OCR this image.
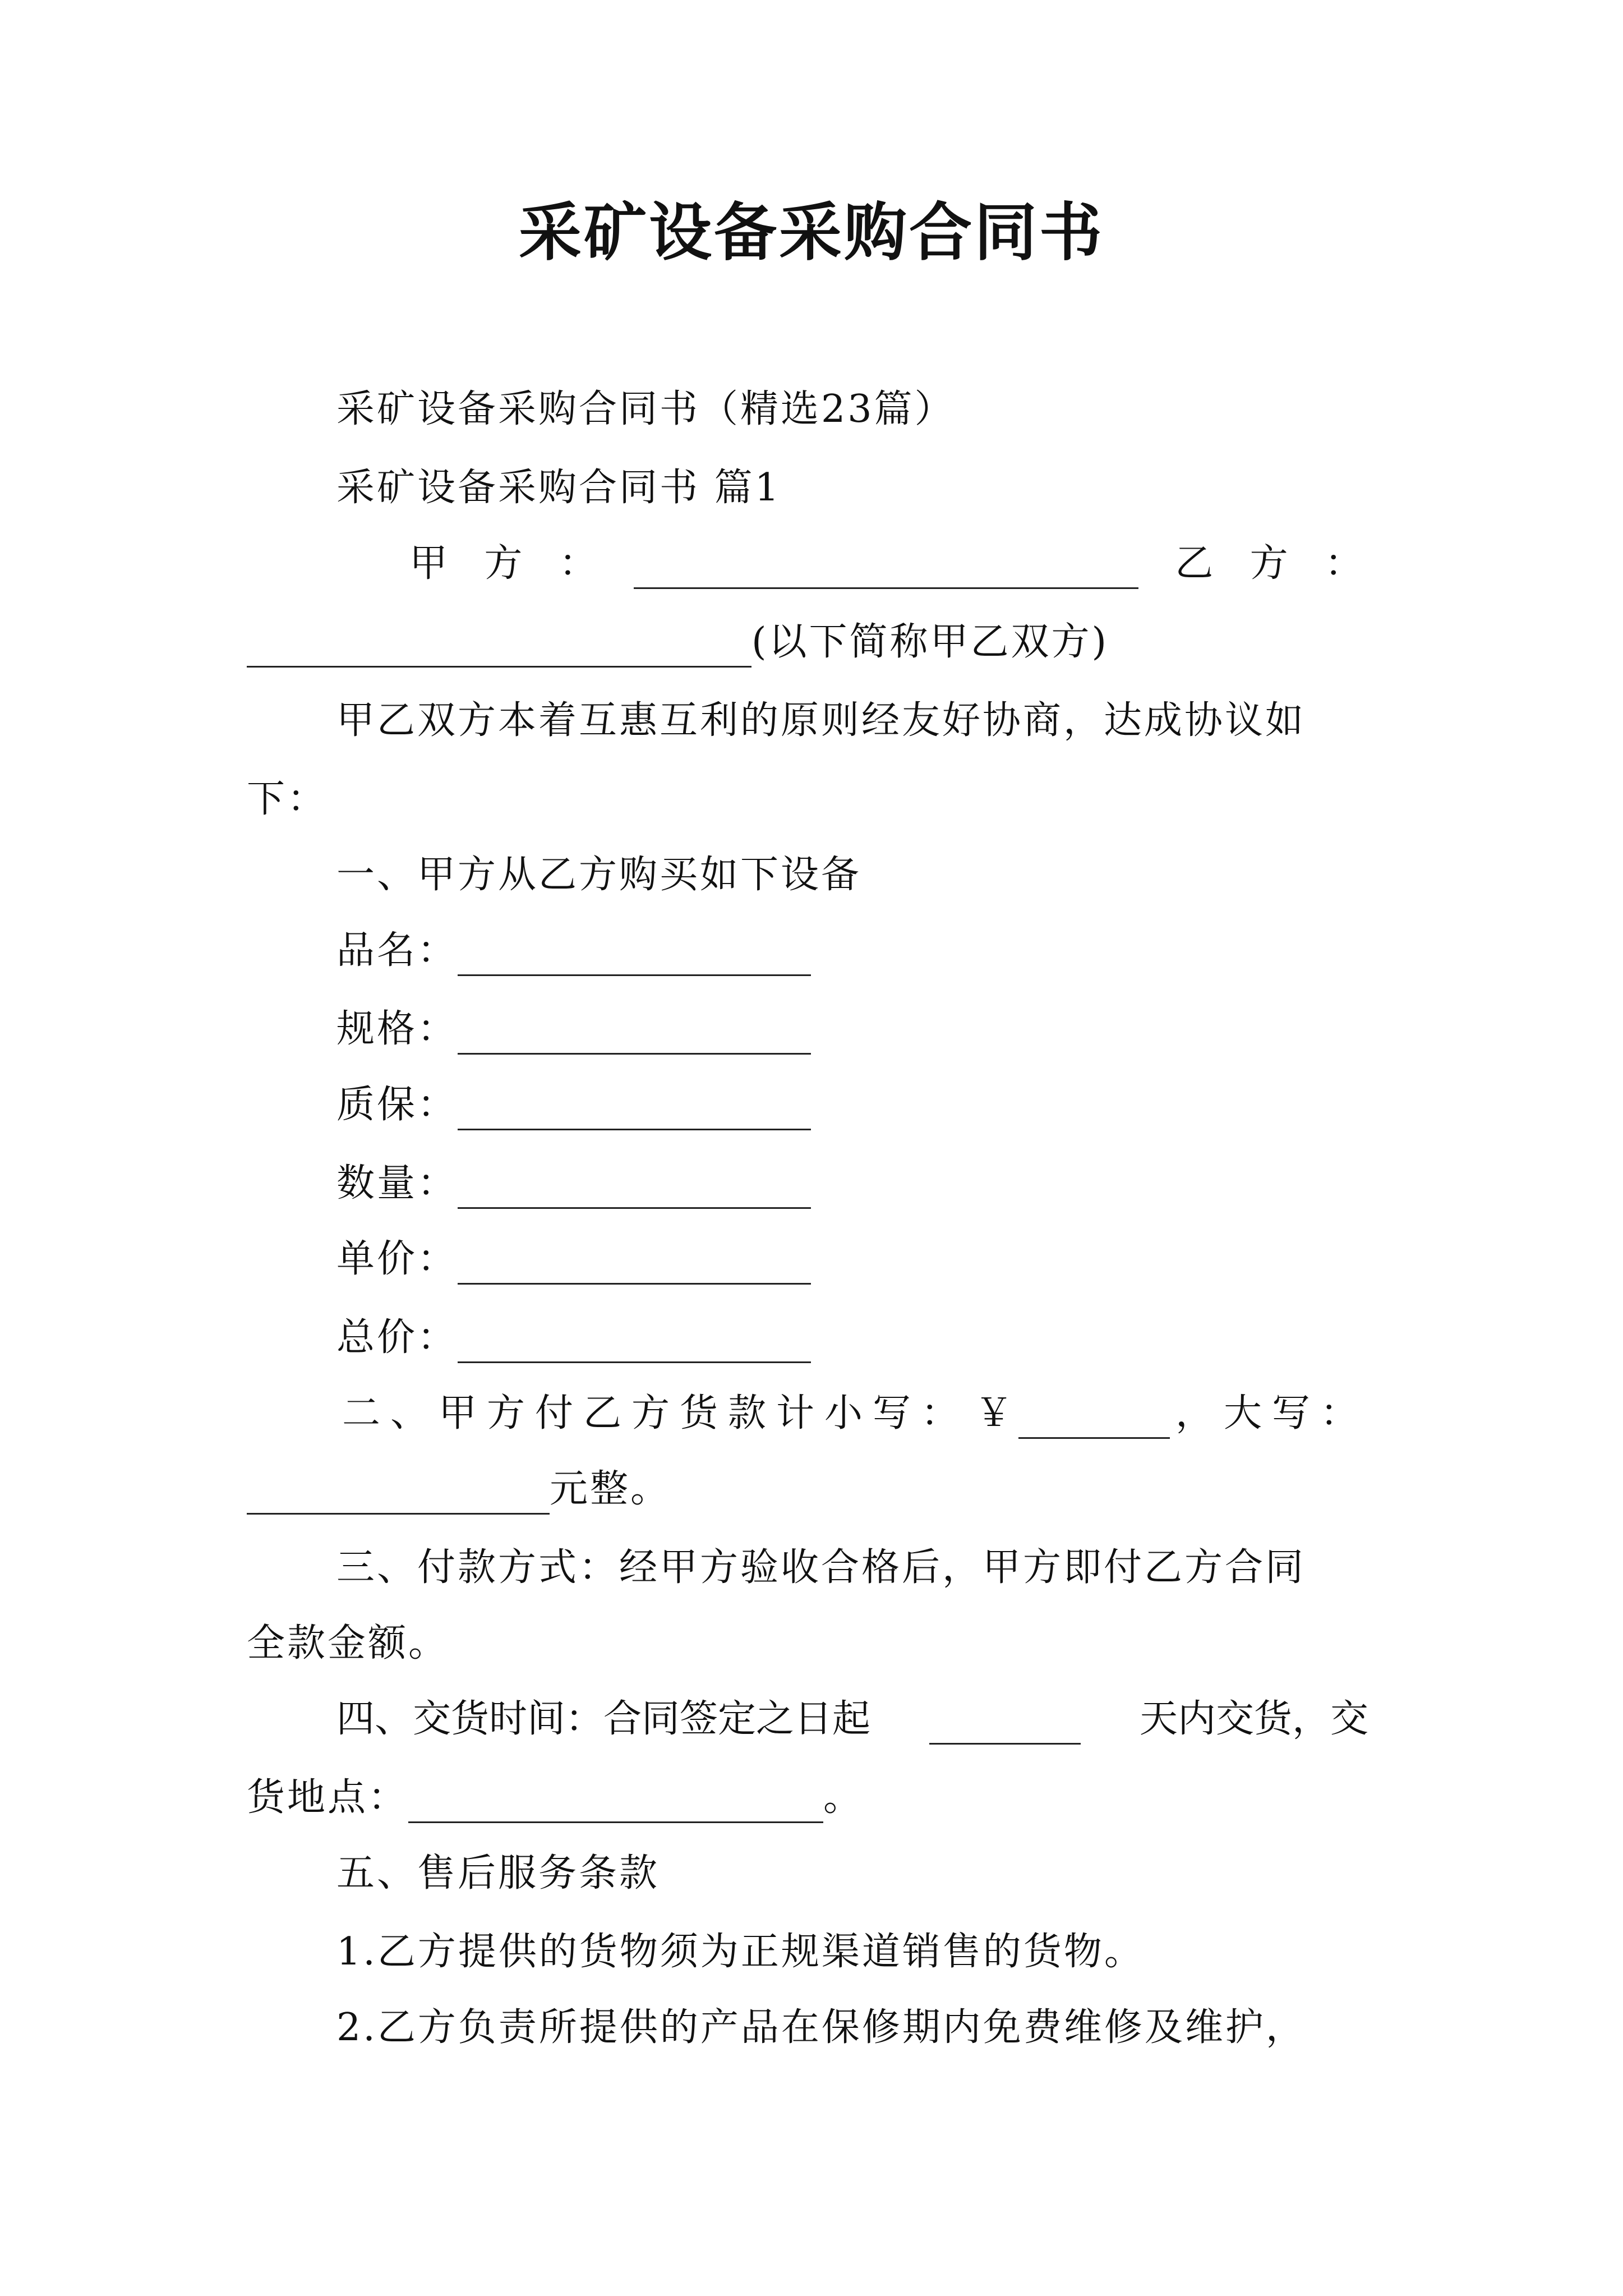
采矿设备采购合同书
采矿设备采购合同书（精选23篇）
采矿设备采购合同书 篇1
甲 方 ：	乙 方 ：
(以下简称甲乙双方)
甲乙双方本着互惠互利的原则经友好协商，达成协议如
下：
一、甲方从乙方购买如下设备
品名：
规格：
质保：
数量：
单价：
总价：
二、甲方付乙方货款计小写： ￥	，大写：
元整。
三、付款方式：经甲方验收合格后，甲方即付乙方合同
全款金额。
四、交货时间：合同签定之日起	天内交货，交
货地点：	。
五、售后服务条款
1.乙方提供的货物须为正规渠道销售的货物。
2.乙方负责所提供的产品在保修期内免费维修及维护，
